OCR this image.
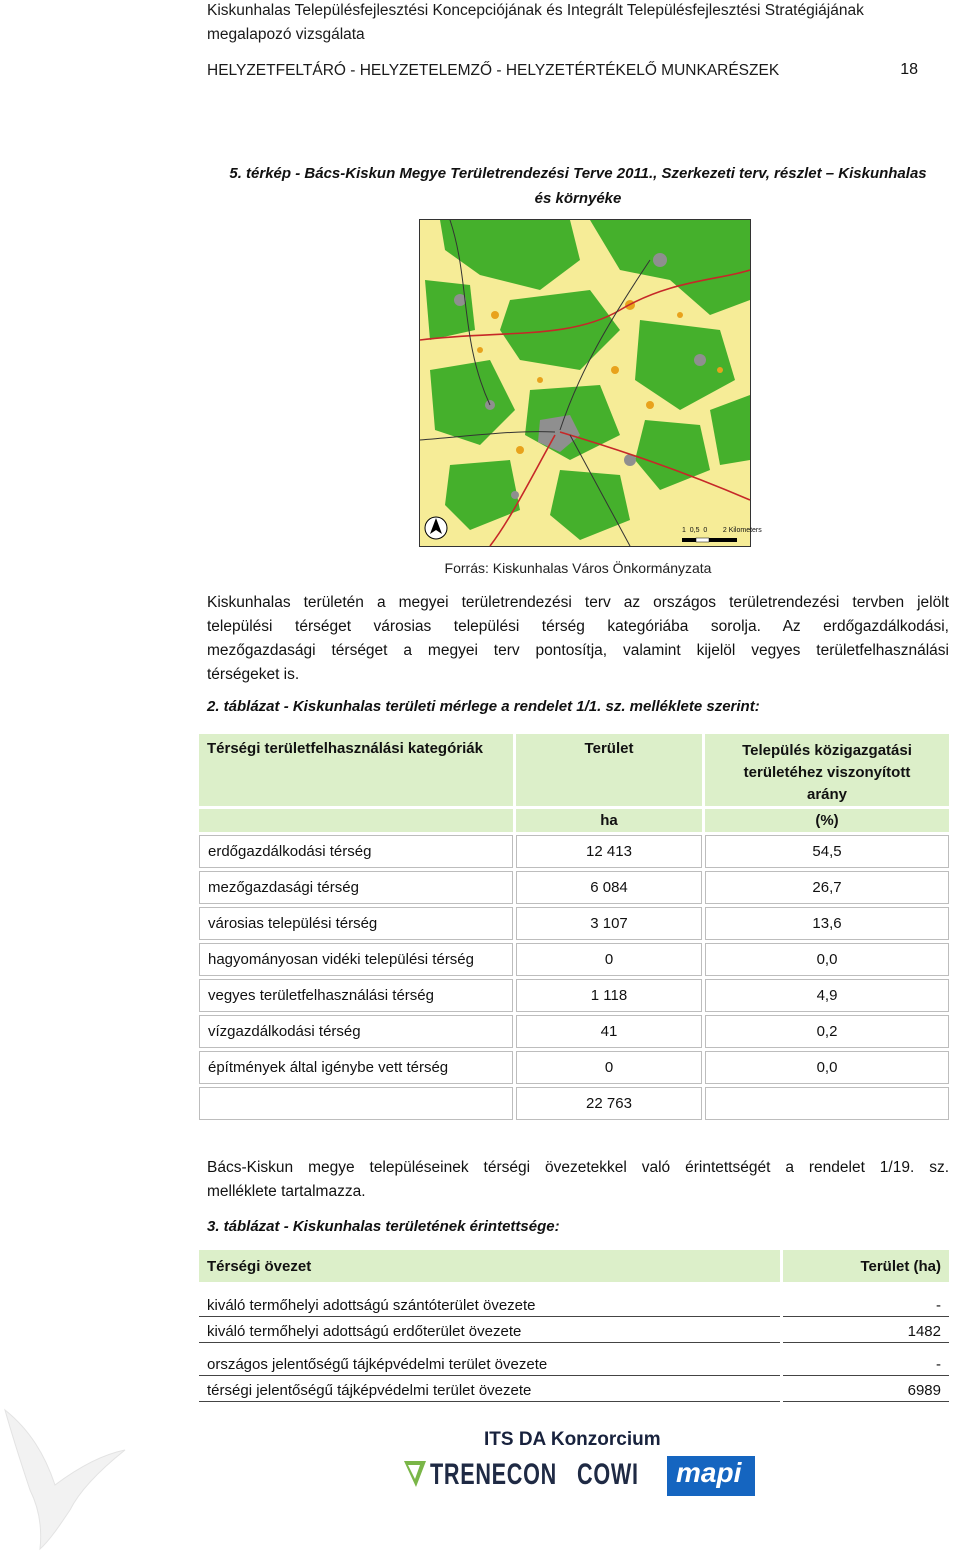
Kiskunhalas Településfejlesztési Koncepciójának és Integrált Településfejlesztési Stratégiájának
megalapozó vizsgálata
HELYZETFELTÁRÓ - HELYZETELEMZŐ - HELYZETÉRTÉKELŐ MUNKARÉSZEK	18
5. térkép - Bács-Kiskun Megye Területrendezési Terve 2011., Szerkezeti terv, részlet – Kiskunhalas
és környéke
1  0,5  0        2 Kilometers
Forrás: Kiskunhalas Város Önkormányzata
Kiskunhalas területén a megyei területrendezési terv az országos területrendezési tervben jelölt
települési térséget városias települési térség kategóriába sorolja. Az erdőgazdálkodási,
mezőgazdasági térséget a megyei terv pontosítja, valamint kijelöl vegyes területfelhasználási
térségeket is.
2. táblázat - Kiskunhalas területi mérlege a rendelet 1/1. sz. melléklete szerint:
Térségi területfelhasználási kategóriák	Terület	Település közigazgatási
területéhez viszonyított
arány

	ha	(%)
erdőgazdálkodási térség	12 413	54,5
mezőgazdasági térség	6 084	26,7
városias települési térség	3 107	13,6
hagyományosan vidéki települési térség	0	0,0
vegyes területfelhasználási térség	1 118	4,9
vízgazdálkodási térség	41	0,2
építmények által igénybe vett térség	0	0,0
	22 763	
Bács-Kiskun megye településeinek térségi övezetekkel való érintettségét a rendelet 1/19. sz.
melléklete tartalmazza.
3. táblázat - Kiskunhalas területének érintettsége:
Térségi övezet	Terület (ha)

kiváló termőhelyi adottságú szántóterület övezete	-
kiváló termőhelyi adottságú erdőterület övezete	1482

országos jelentőségű tájképvédelmi terület övezete	-
térségi jelentőségű tájképvédelmi terület övezete	6989
ITS DA Konzorcium
TRENECON COWI	mapi
